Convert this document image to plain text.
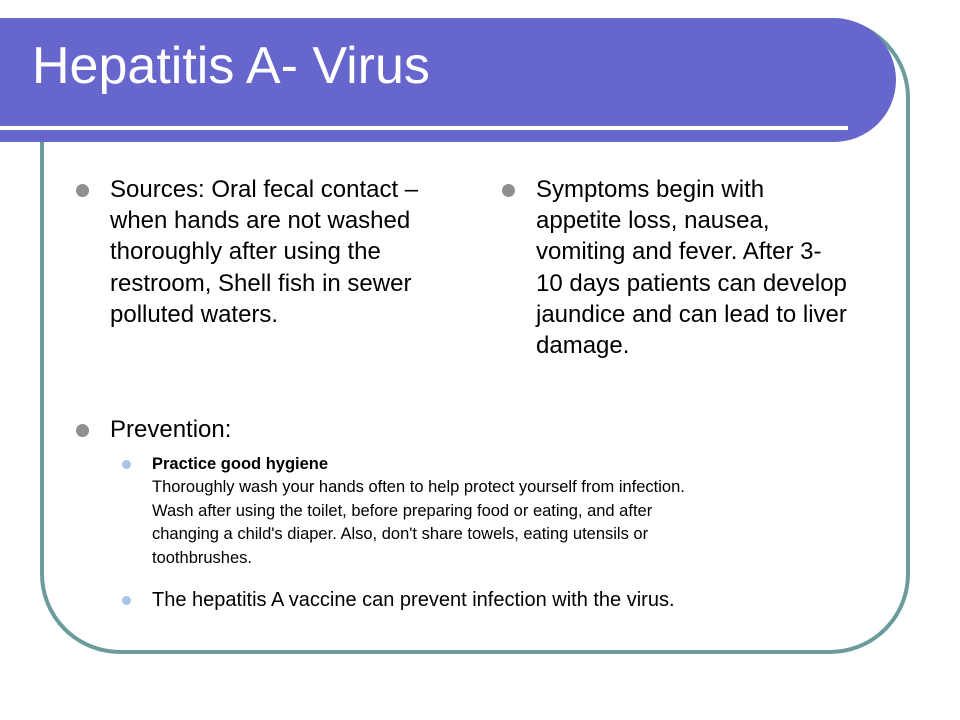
Hepatitis A- Virus
Sources: Oral fecal contact –
when hands are not washed
thoroughly after using the
restroom, Shell fish in sewer
polluted waters.
Symptoms begin with
appetite loss, nausea,
vomiting and fever. After 3-
10 days patients can develop
jaundice and can lead to liver
damage.
Prevention:
Practice good hygiene
Thoroughly wash your hands often to help protect yourself from infection.
Wash after using the toilet, before preparing food or eating, and after
changing a child's diaper. Also, don't share towels, eating utensils or
toothbrushes.
The hepatitis A vaccine can prevent infection with the virus.
